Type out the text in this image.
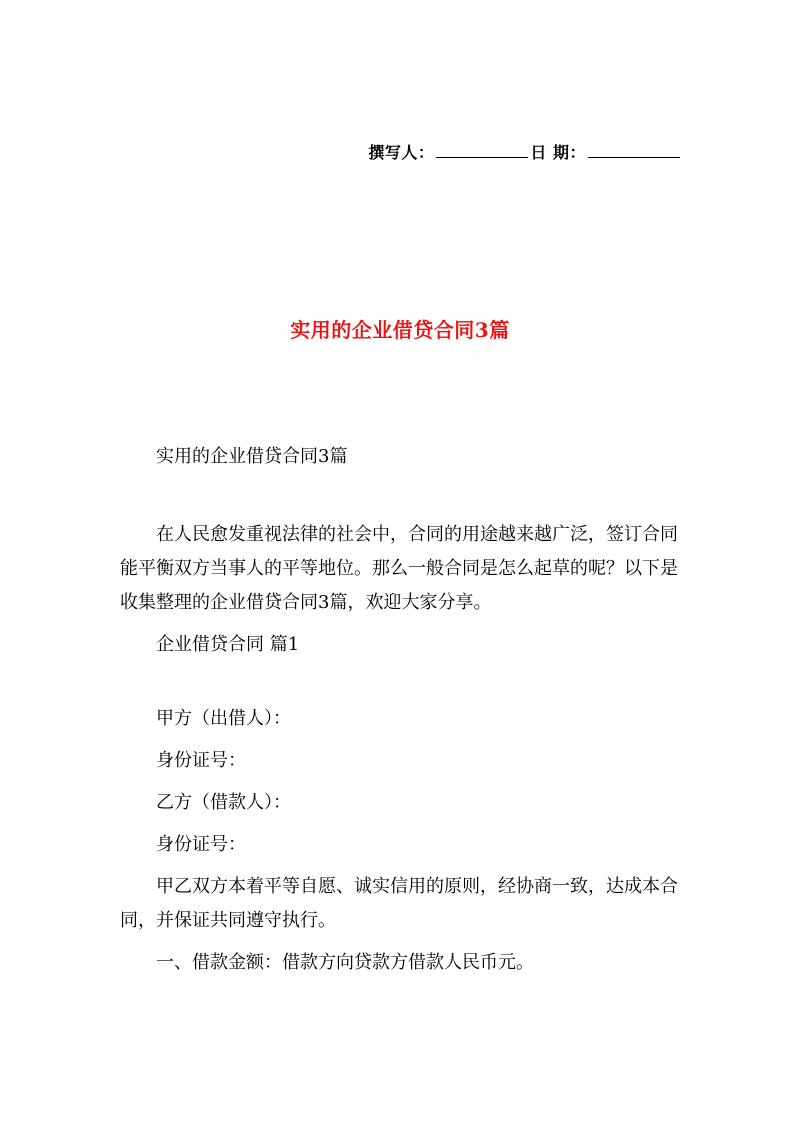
撰写人：	日 期：
实用的企业借贷合同3篇

实用的企业借贷合同3篇

在人民愈发重视法律的社会中，合同的用途越来越广泛，签订合同能平衡双方当事人的平等地位。那么一般合同是怎么起草的呢？以下是收集整理的企业借贷合同3篇，欢迎大家分享。

企业借贷合同 篇1

甲方（出借人）：

身份证号：

乙方（借款人）：

身份证号：

甲乙双方本着平等自愿、诚实信用的原则，经协商一致，达成本合同，并保证共同遵守执行。

一、借款金额：借款方向贷款方借款人民币元。
